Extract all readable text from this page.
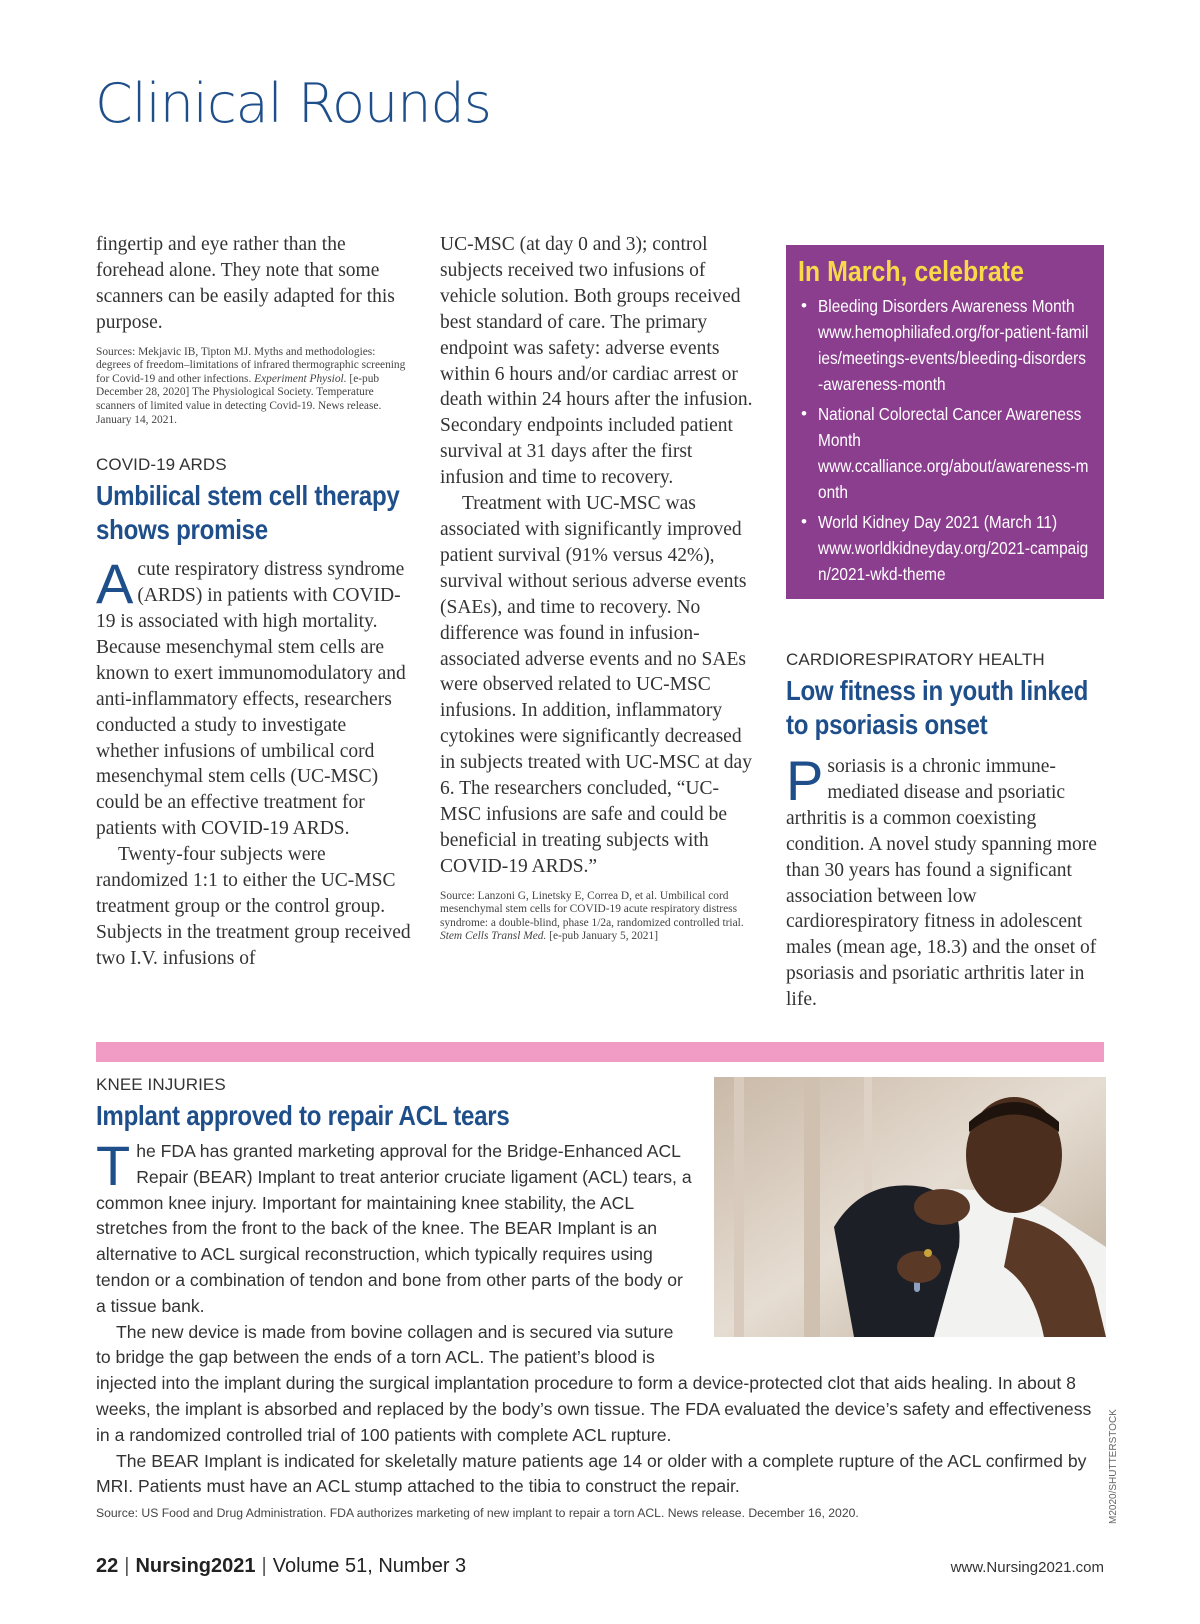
Clinical Rounds

fingertip and eye rather than the forehead alone. They note that some scanners can be easily adapted for this purpose.

Sources: Mekjavic IB, Tipton MJ. Myths and methodologies: degrees of freedom–limitations of infrared thermographic screening for Covid-19 and other infections. Experiment Physiol. [e-pub December 28, 2020] The Physiological Society. Temperature scanners of limited value in detecting Covid-19. News release. January 14, 2021.

COVID-19 ARDS
Umbilical stem cell therapy shows promise

Acute respiratory distress syndrome (ARDS) in patients with COVID-19 is associated with high mortality. Because mesenchymal stem cells are known to exert immunomodulatory and anti-inflammatory effects, researchers conducted a study to investigate whether infusions of umbilical cord mesenchymal stem cells (UC-MSC) could be an effective treatment for patients with COVID-19 ARDS.

Twenty-four subjects were randomized 1:1 to either the UC-MSC treatment group or the control group. Subjects in the treatment group received two I.V. infusions of

UC-MSC (at day 0 and 3); control subjects received two infusions of vehicle solution. Both groups received best standard of care. The primary endpoint was safety: adverse events within 6 hours and/or cardiac arrest or death within 24 hours after the infusion. Secondary endpoints included patient survival at 31 days after the first infusion and time to recovery.

Treatment with UC-MSC was associated with significantly improved patient survival (91% versus 42%), survival without serious adverse events (SAEs), and time to recovery. No difference was found in infusion-associated adverse events and no SAEs were observed related to UC-MSC infusions. In addition, inflammatory cytokines were significantly decreased in subjects treated with UC-MSC at day 6. The researchers concluded, “UC-MSC infusions are safe and could be beneficial in treating subjects with COVID-19 ARDS.”

Source: Lanzoni G, Linetsky E, Correa D, et al. Umbilical cord mesenchymal stem cells for COVID-19 acute respiratory distress syndrome: a double-blind, phase 1/2a, randomized controlled trial. Stem Cells Transl Med. [e-pub January 5, 2021]

In March, celebrate
• Bleeding Disorders Awareness Month
www.hemophiliafed.org/for-patient-families/meetings-events/bleeding-disorders-awareness-month
• National Colorectal Cancer Awareness Month
www.ccalliance.org/about/awareness-month
• World Kidney Day 2021 (March 11)
www.worldkidneyday.org/2021-campaign/2021-wkd-theme
CARDIORESPIRATORY HEALTH
Low fitness in youth linked to psoriasis onset

Psoriasis is a chronic immune-mediated disease and psoriatic arthritis is a common coexisting condition. A novel study spanning more than 30 years has found a significant association between low cardiorespiratory fitness in adolescent males (mean age, 18.3) and the onset of psoriasis and psoriatic arthritis later in life.

KNEE INJURIES
Implant approved to repair ACL tears

The FDA has granted marketing approval for the Bridge-Enhanced ACL Repair (BEAR) Implant to treat anterior cruciate ligament (ACL) tears, a common knee injury. Important for maintaining knee stability, the ACL stretches from the front to the back of the knee. The BEAR Implant is an alternative to ACL surgical reconstruction, which typically requires using tendon or a combination of tendon and bone from other parts of the body or a tissue bank.

The new device is made from bovine collagen and is secured via suture to bridge the gap between the ends of a torn ACL. The patient’s blood is injected into the implant during the surgical implantation procedure to form a device-protected clot that aids healing. In about 8 weeks, the implant is absorbed and replaced by the body’s own tissue. The FDA evaluated the device’s safety and effectiveness in a randomized controlled trial of 100 patients with complete ACL rupture.

The BEAR Implant is indicated for skeletally mature patients age 14 or older with a complete rupture of the ACL confirmed by MRI. Patients must have an ACL stump attached to the tibia to construct the repair.

Source: US Food and Drug Administration. FDA authorizes marketing of new implant to repair a torn ACL. News release. December 16, 2020.	M2020/SHUTTERSTOCK
22 | Nursing2021 | Volume 51, Number 3	www.Nursing2021.com
